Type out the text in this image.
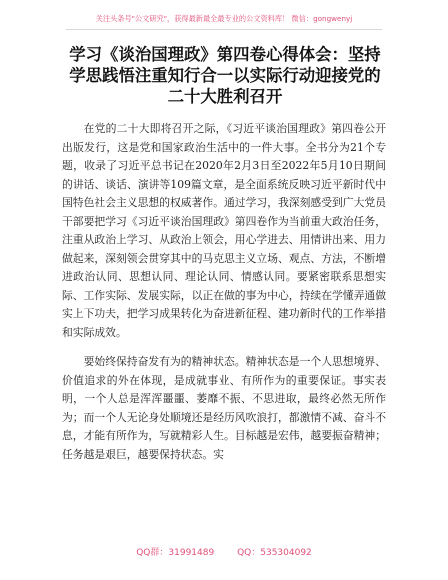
关注头条号"公文研究"，获得最新最全最专业的公文资料库！ 微信：gongwenyj
学习《谈治国理政》第四卷心得体会：坚持学思践悟注重知行合一以实际行动迎接党的二十大胜利召开

在党的二十大即将召开之际，《习近平谈治国理政》第四卷公开出版发行，这是党和国家政治生活中的一件大事。全书分为21个专题，收录了习近平总书记在2020年2月3日至2022年5月10日期间的讲话、谈话、演讲等109篇文章，是全面系统反映习近平新时代中国特色社会主义思想的权威著作。通过学习，我深刻感受到广大党员干部要把学习《习近平谈治国理政》第四卷作为当前重大政治任务，注重从政治上学习、从政治上领会，用心学进去、用情讲出来、用力做起来，深刻领会贯穿其中的马克思主义立场、观点、方法，不断增进政治认同、思想认同、理论认同、情感认同。要紧密联系思想实际、工作实际、发展实际，以正在做的事为中心，持续在学懂弄通做实上下功夫，把学习成果转化为奋进新征程、建功新时代的工作举措和实际成效。

要始终保持奋发有为的精神状态。精神状态是一个人思想境界、价值追求的外在体现，是成就事业、有所作为的重要保证。事实表明，一个人总是浑浑噩噩、萎靡不振、不思进取，最终必然无所作为；而一个人无论身处顺境还是经历风吹浪打，都激情不减、奋斗不息，才能有所作为，写就精彩人生。目标越是宏伟，越要振奋精神；任务越是艰巨，越要保持状态。实

QQ群：31991489	QQ：535304092
